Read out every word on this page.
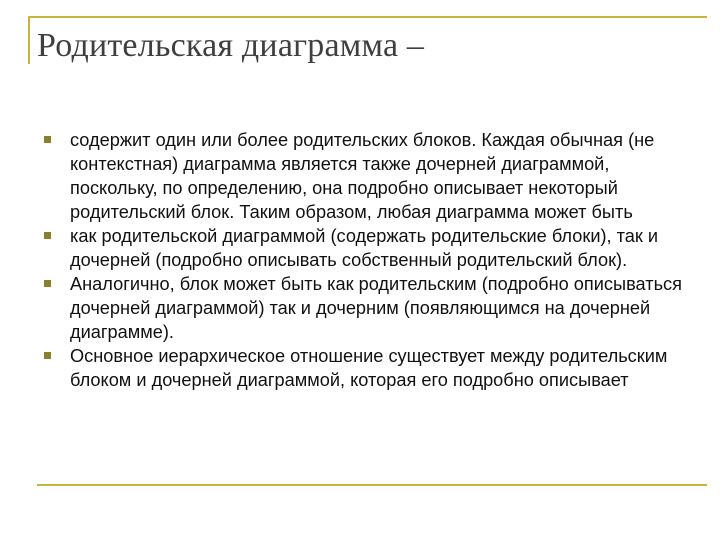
Родительская диаграмма –
содержит один или более родительских блоков. Каждая обычная (не контекстная) диаграмма является также дочерней диаграммой, поскольку, по определению, она подробно описывает некоторый родительский блок. Таким образом, любая диаграмма может быть
как родительской диаграммой (содержать родительские блоки), так и дочерней (подробно описывать собственный родительский блок).
Аналогично, блок может быть как родительским (подробно описываться дочерней диаграммой) так и дочерним (появляющимся на дочерней диаграмме).
Основное иерархическое отношение существует между родительским блоком и дочерней диаграммой, которая его подробно описывает
